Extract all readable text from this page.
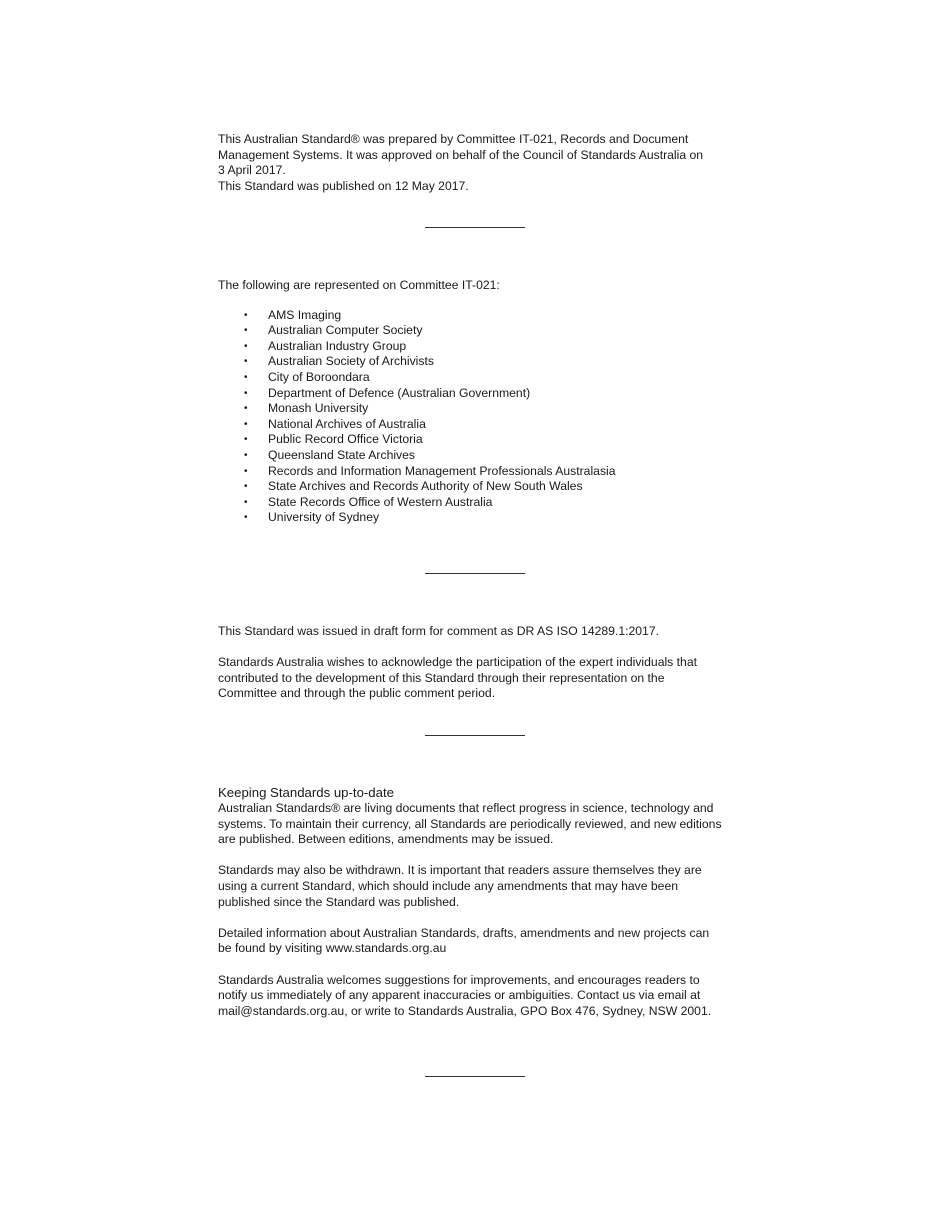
This Australian Standard® was prepared by Committee IT-021, Records and Document

Management Systems. It was approved on behalf of the Council of Standards Australia on

3 April 2017.

This Standard was published on 12 May 2017.

The following are represented on Committee IT-021:

• AMS Imaging
• Australian Computer Society
• Australian Industry Group
• Australian Society of Archivists
• City of Boroondara
• Department of Defence (Australian Government)
• Monash University
• National Archives of Australia
• Public Record Office Victoria
• Queensland State Archives
• Records and Information Management Professionals Australasia
• State Archives and Records Authority of New South Wales
• State Records Office of Western Australia
• University of Sydney

This Standard was issued in draft form for comment as DR AS ISO 14289.1:2017.

Standards Australia wishes to acknowledge the participation of the expert individuals that

contributed to the development of this Standard through their representation on the

Committee and through the public comment period.

Keeping Standards up-to-date

Australian Standards® are living documents that reflect progress in science, technology and

systems. To maintain their currency, all Standards are periodically reviewed, and new editions

are published. Between editions, amendments may be issued.

Standards may also be withdrawn. It is important that readers assure themselves they are

using a current Standard, which should include any amendments that may have been

published since the Standard was published.

Detailed information about Australian Standards, drafts, amendments and new projects can

be found by visiting www.standards.org.au

Standards Australia welcomes suggestions for improvements, and encourages readers to

notify us immediately of any apparent inaccuracies or ambiguities. Contact us via email at

mail@standards.org.au, or write to Standards Australia, GPO Box 476, Sydney, NSW 2001.
